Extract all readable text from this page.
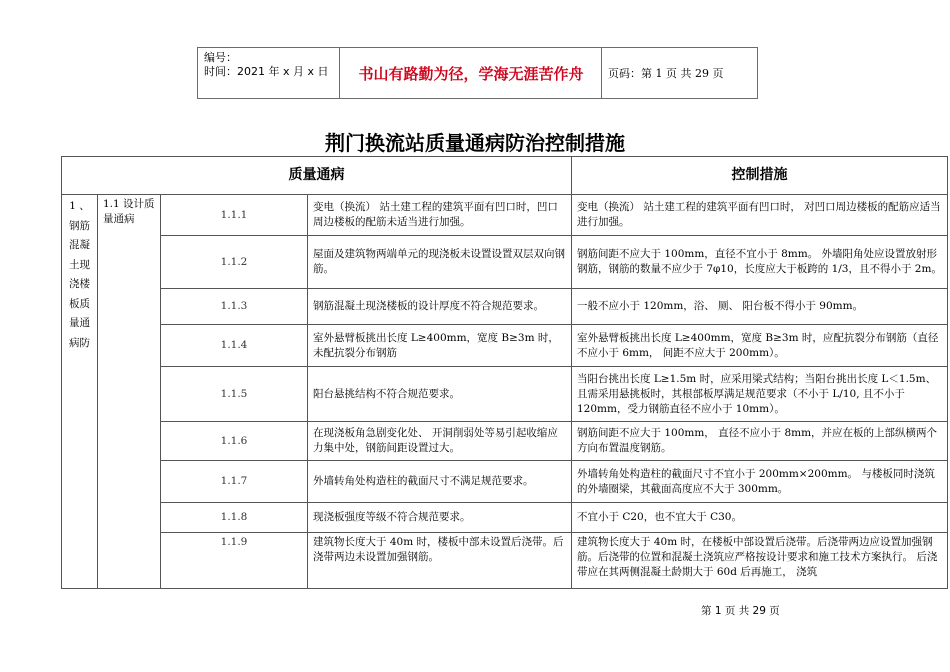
编号：
时间：2021 年 x 月 x 日	书山有路勤为径，学海无涯苦作舟	页码：第 1 页 共 29 页
荆门换流站质量通病防治控制措施
质量通病				控制措施
1 、钢筋混凝土现浇楼板质量通病防	1.1 设计质量通病	1.1.1	变电（换流） 站土建工程的建筑平面有凹口时，凹口周边楼板的配筋未适当进行加强。	变电（换流） 站土建工程的建筑平面有凹口时， 对凹口周边楼板的配筋应适当进行加强。
		1.1.2	屋面及建筑物两端单元的现浇板未设置设置双层双向钢筋。	钢筋间距不应大于 100mm，直径不宜小于 8mm。 外墙阳角处应设置放射形钢筋，钢筋的数量不应少于 7φ10，长度应大于板跨的 1/3，且不得小于 2m。
		1.1.3	钢筋混凝土现浇楼板的设计厚度不符合规范要求。	一般不应小于 120mm，浴、 厕、 阳台板不得小于 90mm。
		1.1.4	室外悬臂板挑出长度 L≥400mm，宽度 B≥3m 时，未配抗裂分布钢筋	室外悬臂板挑出长度 L≥400mm，宽度 B≥3m 时，应配抗裂分布钢筋（直径不应小于 6mm， 间距不应大于 200mm）。
		1.1.5	阳台悬挑结构不符合规范要求。	当阳台挑出长度 L≥1.5m 时，应采用梁式结构；当阳台挑出长度 L＜1.5m、 且需采用悬挑板时，其根部板厚满足规范要求（不小于 L/10, 且不小于 120mm，受力钢筋直径不应小于 10mm）。
		1.1.6	在现浇板角急剧变化处、 开洞削弱处等易引起收缩应力集中处，钢筋间距设置过大。	钢筋间距不应大于 100mm， 直径不应小于 8mm，并应在板的上部纵横两个方向布置温度钢筋。
		1.1.7	外墙转角处构造柱的截面尺寸不满足规范要求。	外墙转角处构造柱的截面尺寸不宜小于 200mm×200mm。 与楼板同时浇筑的外墙圈梁，其截面高度应不大于 300mm。
		1.1.8	现浇板强度等级不符合规范要求。	不宜小于 C20，也不宜大于 C30。
		1.1.9	建筑物长度大于 40m 时，楼板中部未设置后浇带。后浇带两边未设置加强钢筋。	建筑物长度大于 40m 时，在楼板中部设置后浇带。后浇带两边应设置加强钢筋。后浇带的位置和混凝土浇筑应严格按设计要求和施工技术方案执行。 后浇带应在其两侧混凝土龄期大于 60d 后再施工， 浇筑
第 1 页 共 29 页
